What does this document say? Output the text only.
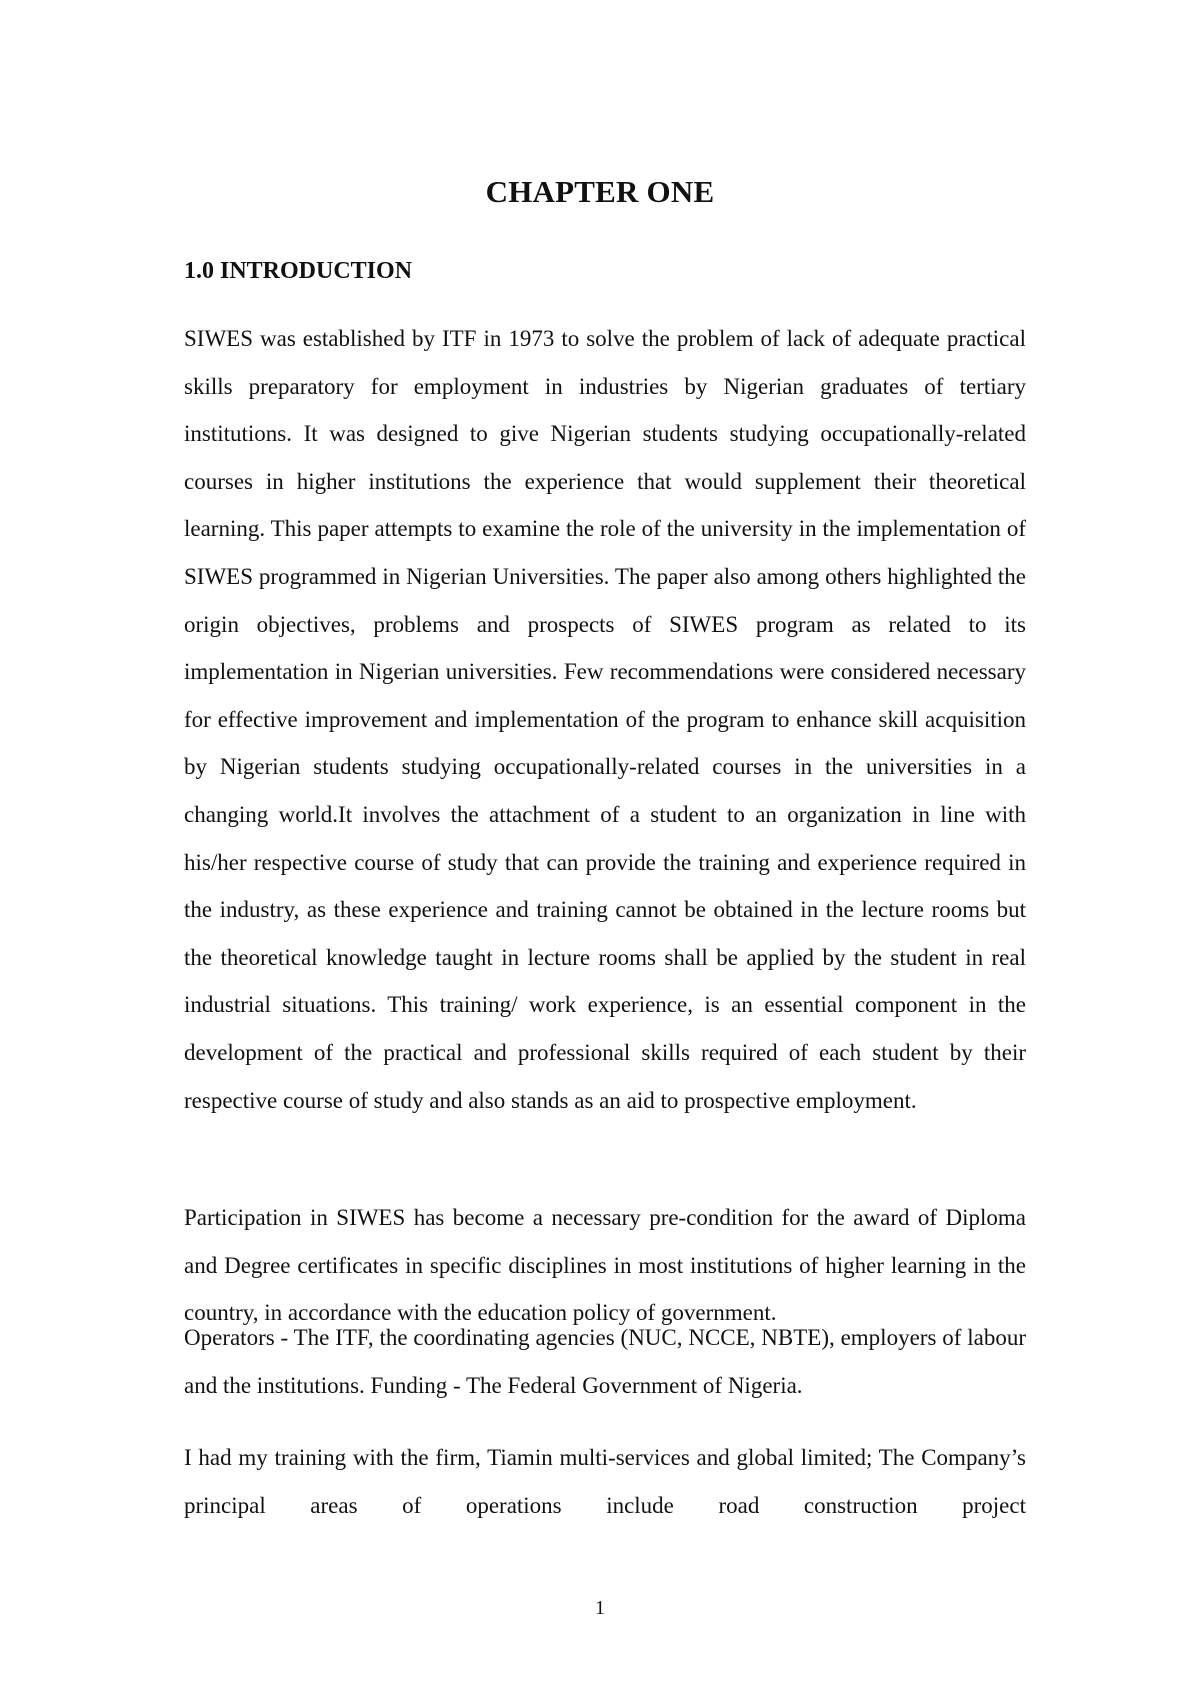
CHAPTER ONE
1.0 INTRODUCTION

SIWES was established by ITF in 1973 to solve the problem of lack of adequate practical skills preparatory for employment in industries by Nigerian graduates of tertiary institutions. It was designed to give Nigerian students studying occupationally-related courses in higher institutions the experience that would supplement their theoretical learning. This paper attempts to examine the role of the university in the implementation of SIWES programmed in Nigerian Universities. The paper also among others highlighted the origin objectives, problems and prospects of SIWES program as related to its implementation in Nigerian universities. Few recommendations were considered necessary for effective improvement and implementation of the program to enhance skill acquisition by Nigerian students studying occupationally-related courses in the universities in a changing world.It involves the attachment of a student to an organization in line with his/her respective course of study that can provide the training and experience required in the industry, as these experience and training cannot be obtained in the lecture rooms but the theoretical knowledge taught in lecture rooms shall be applied by the student in real industrial situations. This training/ work experience, is an essential component in the development of the practical and professional skills required of each student by their respective course of study and also stands as an aid to prospective employment.

Participation in SIWES has become a necessary pre-condition for the award of Diploma and Degree certificates in specific disciplines in most institutions of higher learning in the country, in accordance with the education policy of government.

Operators - The ITF, the coordinating agencies (NUC, NCCE, NBTE), employers of labour and the institutions. Funding - The Federal Government of Nigeria.

I had my training with the firm, Tiamin multi-services and global limited; The Company’s principal areas of operations include road construction project

1
